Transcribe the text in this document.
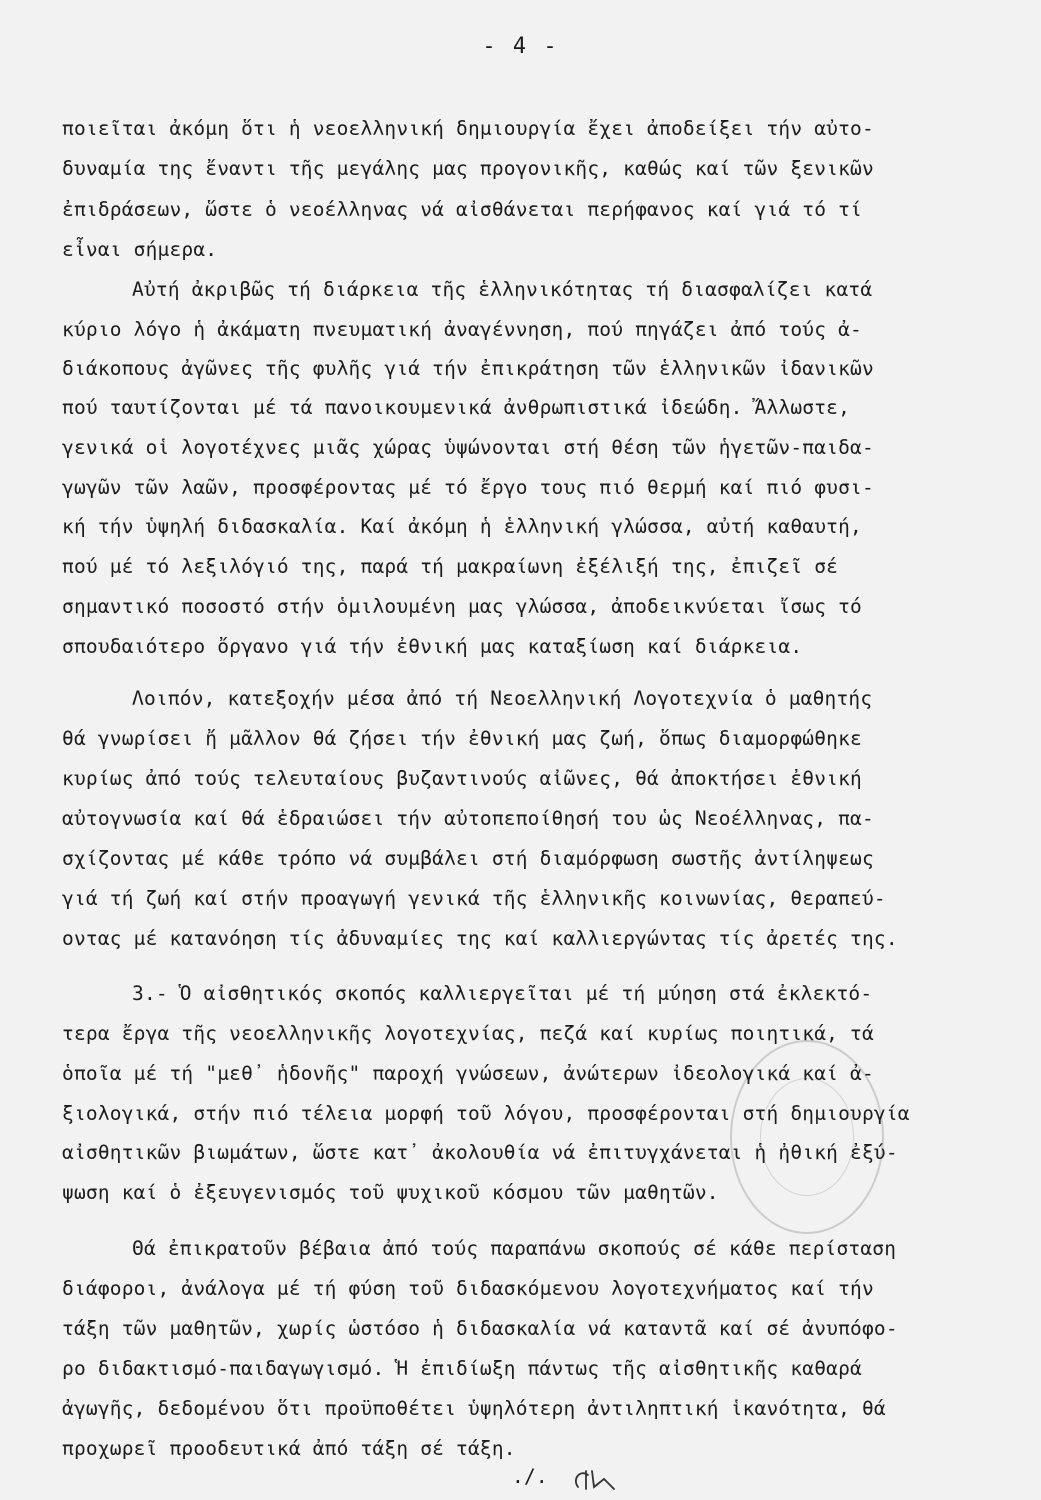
- 4 -
ποιεῖται ἀκόμη ὅτι ἡ νεοελληνική δημιουργία ἔχει ἀποδείξει τήν αὐτο-
δυναμία της ἔναντι τῆς μεγάλης μας προγονικῆς, καθώς καί τῶν ξενικῶν
ἐπιδράσεων, ὥστε ὁ νεοέλληνας νά αἰσθάνεται περήφανος καί γιά τό τί
εἶναι σήμερα.
Αὐτή ἀκριβῶς τή διάρκεια τῆς ἑλληνικότητας τή διασφαλίζει κατά
κύριο λόγο ἡ ἀκάματη πνευματική ἀναγέννηση, πού πηγάζει ἀπό τούς ἀ-
διάκοπους ἀγῶνες τῆς φυλῆς γιά τήν ἐπικράτηση τῶν ἑλληνικῶν ἰδανικῶν
πού ταυτίζονται μέ τά πανοικουμενικά ἀνθρωπιστικά ἰδεώδη. Ἄλλωστε,
γενικά οἱ λογοτέχνες μιᾶς χώρας ὑψώνονται στή θέση τῶν ἡγετῶν-παιδα-
γωγῶν τῶν λαῶν, προσφέροντας μέ τό ἔργο τους πιό θερμή καί πιό φυσι-
κή τήν ὑψηλή διδασκαλία. Καί ἀκόμη ἡ ἑλληνική γλώσσα, αὐτή καθαυτή,
πού μέ τό λεξιλόγιό της, παρά τή μακραίωνη ἐξέλιξή της, ἐπιζεῖ σέ
σημαντικό ποσοστό στήν ὁμιλουμένη μας γλώσσα, ἀποδεικνύεται ἴσως τό
σπουδαιότερο ὄργανο γιά τήν ἐθνική μας καταξίωση καί διάρκεια.
Λοιπόν, κατεξοχήν μέσα ἀπό τή Νεοελληνική Λογοτεχνία ὁ μαθητής
θά γνωρίσει ἤ μᾶλλον θά ζήσει τήν ἐθνική μας ζωή, ὅπως διαμορφώθηκε
κυρίως ἀπό τούς τελευταίους βυζαντινούς αἰῶνες, θά ἀποκτήσει ἐθνική
αὐτογνωσία καί θά ἑδραιώσει τήν αὐτοπεποίθησή του ὡς Νεοέλληνας, πα-
σχίζοντας μέ κάθε τρόπο νά συμβάλει στή διαμόρφωση σωστῆς ἀντίληψεως
γιά τή ζωή καί στήν προαγωγή γενικά τῆς ἑλληνικῆς κοινωνίας, θεραπεύ-
οντας μέ κατανόηση τίς ἀδυναμίες της καί καλλιεργώντας τίς ἀρετές της.
3.- Ὁ αἰσθητικός σκοπός καλλιεργεῖται μέ τή μύηση στά ἐκλεκτό-
τερα ἔργα τῆς νεοελληνικῆς λογοτεχνίας, πεζά καί κυρίως ποιητικά, τά
ὁποῖα μέ τή "μεθ᾽ ἡδονῆς" παροχή γνώσεων, ἀνώτερων ἰδεολογικά καί ἀ-
ξιολογικά, στήν πιό τέλεια μορφή τοῦ λόγου, προσφέρονται στή δημιουργία
αἰσθητικῶν βιωμάτων, ὥστε κατ᾽ ἀκολουθία νά ἐπιτυγχάνεται ἡ ἠθική ἐξύ-
ψωση καί ὁ ἐξευγενισμός τοῦ ψυχικοῦ κόσμου τῶν μαθητῶν.
Θά ἐπικρατοῦν βέβαια ἀπό τούς παραπάνω σκοπούς σέ κάθε περίσταση
διάφοροι, ἀνάλογα μέ τή φύση τοῦ διδασκόμενου λογοτεχνήματος καί τήν
τάξη τῶν μαθητῶν, χωρίς ὡστόσο ἡ διδασκαλία νά καταντᾶ καί σέ ἀνυπόφο-
ρο διδακτισμό-παιδαγωγισμό. Ἡ ἐπιδίωξη πάντως τῆς αἰσθητικῆς καθαρά
ἀγωγῆς, δεδομένου ὅτι προϋποθέτει ὑψηλότερη ἀντιληπτική ἱκανότητα, θά
προχωρεῖ προοδευτικά ἀπό τάξη σέ τάξη.
./.
